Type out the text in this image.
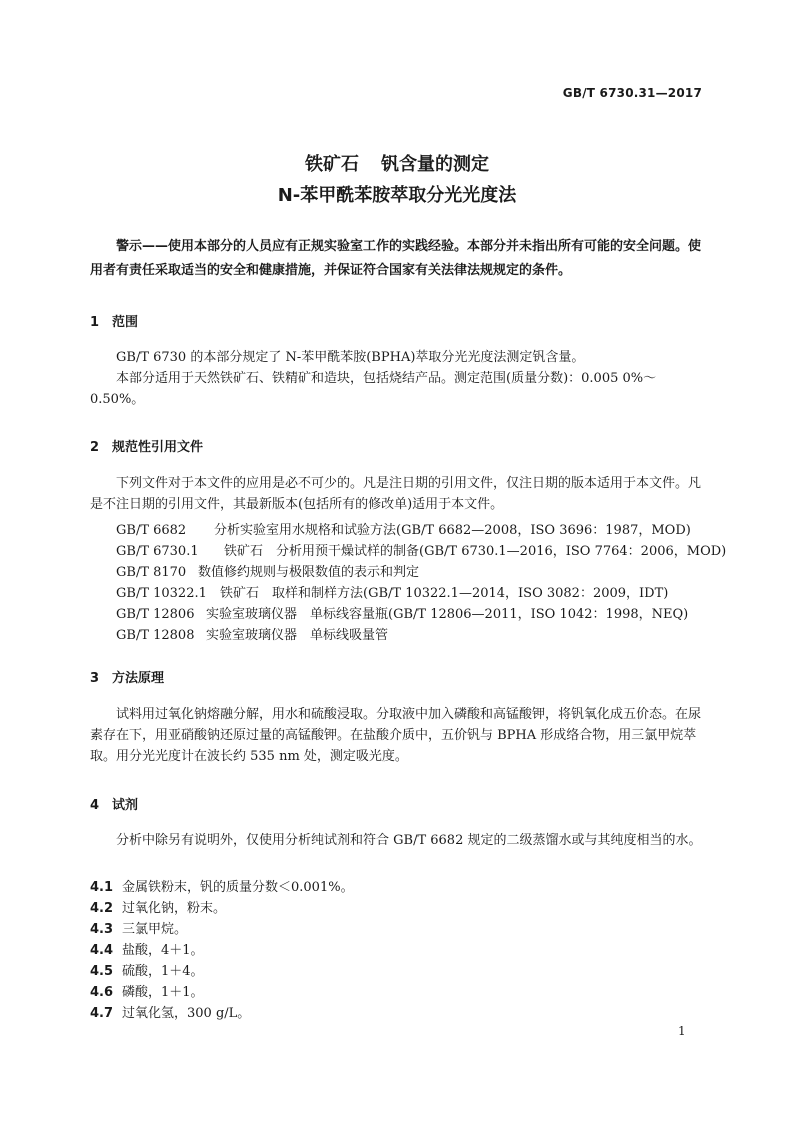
GB/T 6730.31—2017
铁矿石 钒含量的测定
N-苯甲酰苯胺萃取分光光度法
警示——使用本部分的人员应有正规实验室工作的实践经验。本部分并未指出所有可能的安全问题。使用者有责任采取适当的安全和健康措施，并保证符合国家有关法律法规规定的条件。
1 范围
GB/T 6730 的本部分规定了 N-苯甲酰苯胺(BPHA)萃取分光光度法测定钒含量。
本部分适用于天然铁矿石、铁精矿和造块，包括烧结产品。测定范围(质量分数)：0.005 0%～0.50%。
2 规范性引用文件
下列文件对于本文件的应用是必不可少的。凡是注日期的引用文件，仅注日期的版本适用于本文件。凡是不注日期的引用文件，其最新版本(包括所有的修改单)适用于本文件。
GB/T 6682 分析实验室用水规格和试验方法(GB/T 6682—2008，ISO 3696：1987，MOD)
GB/T 6730.1 铁矿石　分析用预干燥试样的制备(GB/T 6730.1—2016，ISO 7764：2006，MOD)
GB/T 8170 数值修约规则与极限数值的表示和判定
GB/T 10322.1 铁矿石　取样和制样方法(GB/T 10322.1—2014，ISO 3082：2009，IDT)
GB/T 12806 实验室玻璃仪器　单标线容量瓶(GB/T 12806—2011，ISO 1042：1998，NEQ)
GB/T 12808 实验室玻璃仪器　单标线吸量管
3 方法原理
试料用过氧化钠熔融分解，用水和硫酸浸取。分取液中加入磷酸和高锰酸钾，将钒氧化成五价态。在尿素存在下，用亚硝酸钠还原过量的高锰酸钾。在盐酸介质中，五价钒与 BPHA 形成络合物，用三氯甲烷萃取。用分光光度计在波长约 535 nm 处，测定吸光度。
4 试剂
分析中除另有说明外，仅使用分析纯试剂和符合 GB/T 6682 规定的二级蒸馏水或与其纯度相当的水。
4.1 金属铁粉末，钒的质量分数＜0.001%。
4.2 过氧化钠，粉末。
4.3 三氯甲烷。
4.4 盐酸，4＋1。
4.5 硫酸，1＋4。
4.6 磷酸，1＋1。
4.7 过氧化氢，300 g/L。
1
